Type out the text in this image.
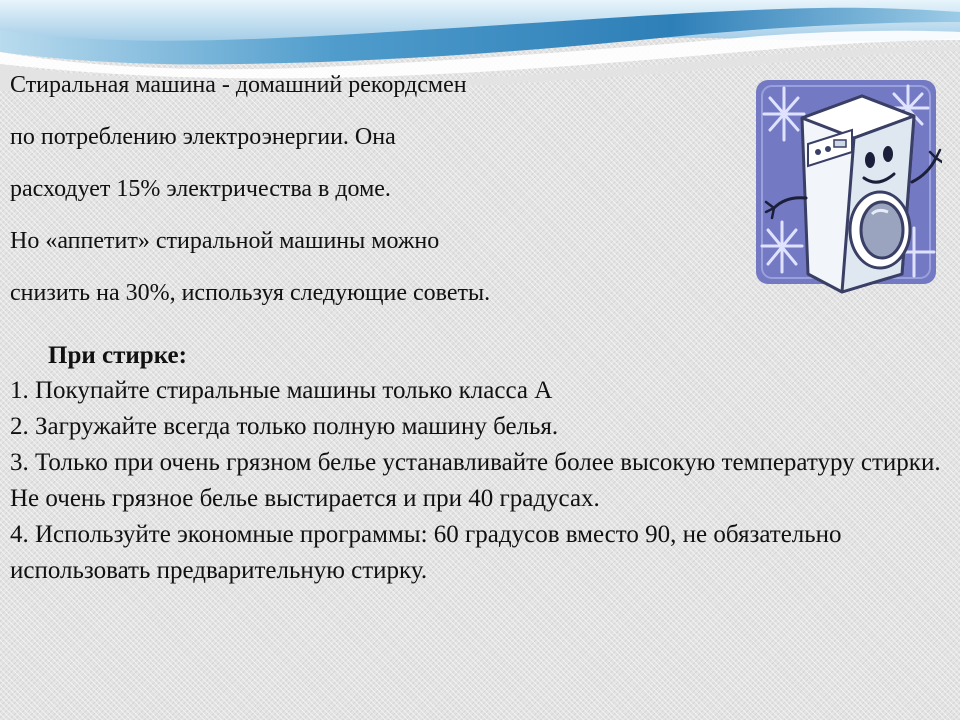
Стиральная машина - домашний рекордсмен
по потреблению электроэнергии. Она
расходует 15% электричества в доме.
Но «аппетит» стиральной машины можно
снизить на 30%, используя следующие советы.
При стирке:
1. Покупайте стиральные машины только класса А
2. Загружайте всегда только полную машину белья.
3. Только при очень грязном белье устанавливайте более высокую температуру стирки. Не очень грязное белье выстирается и при 40 градусах.
4. Используйте экономные программы: 60 градусов вместо 90, не обязательно использовать предварительную стирку.
